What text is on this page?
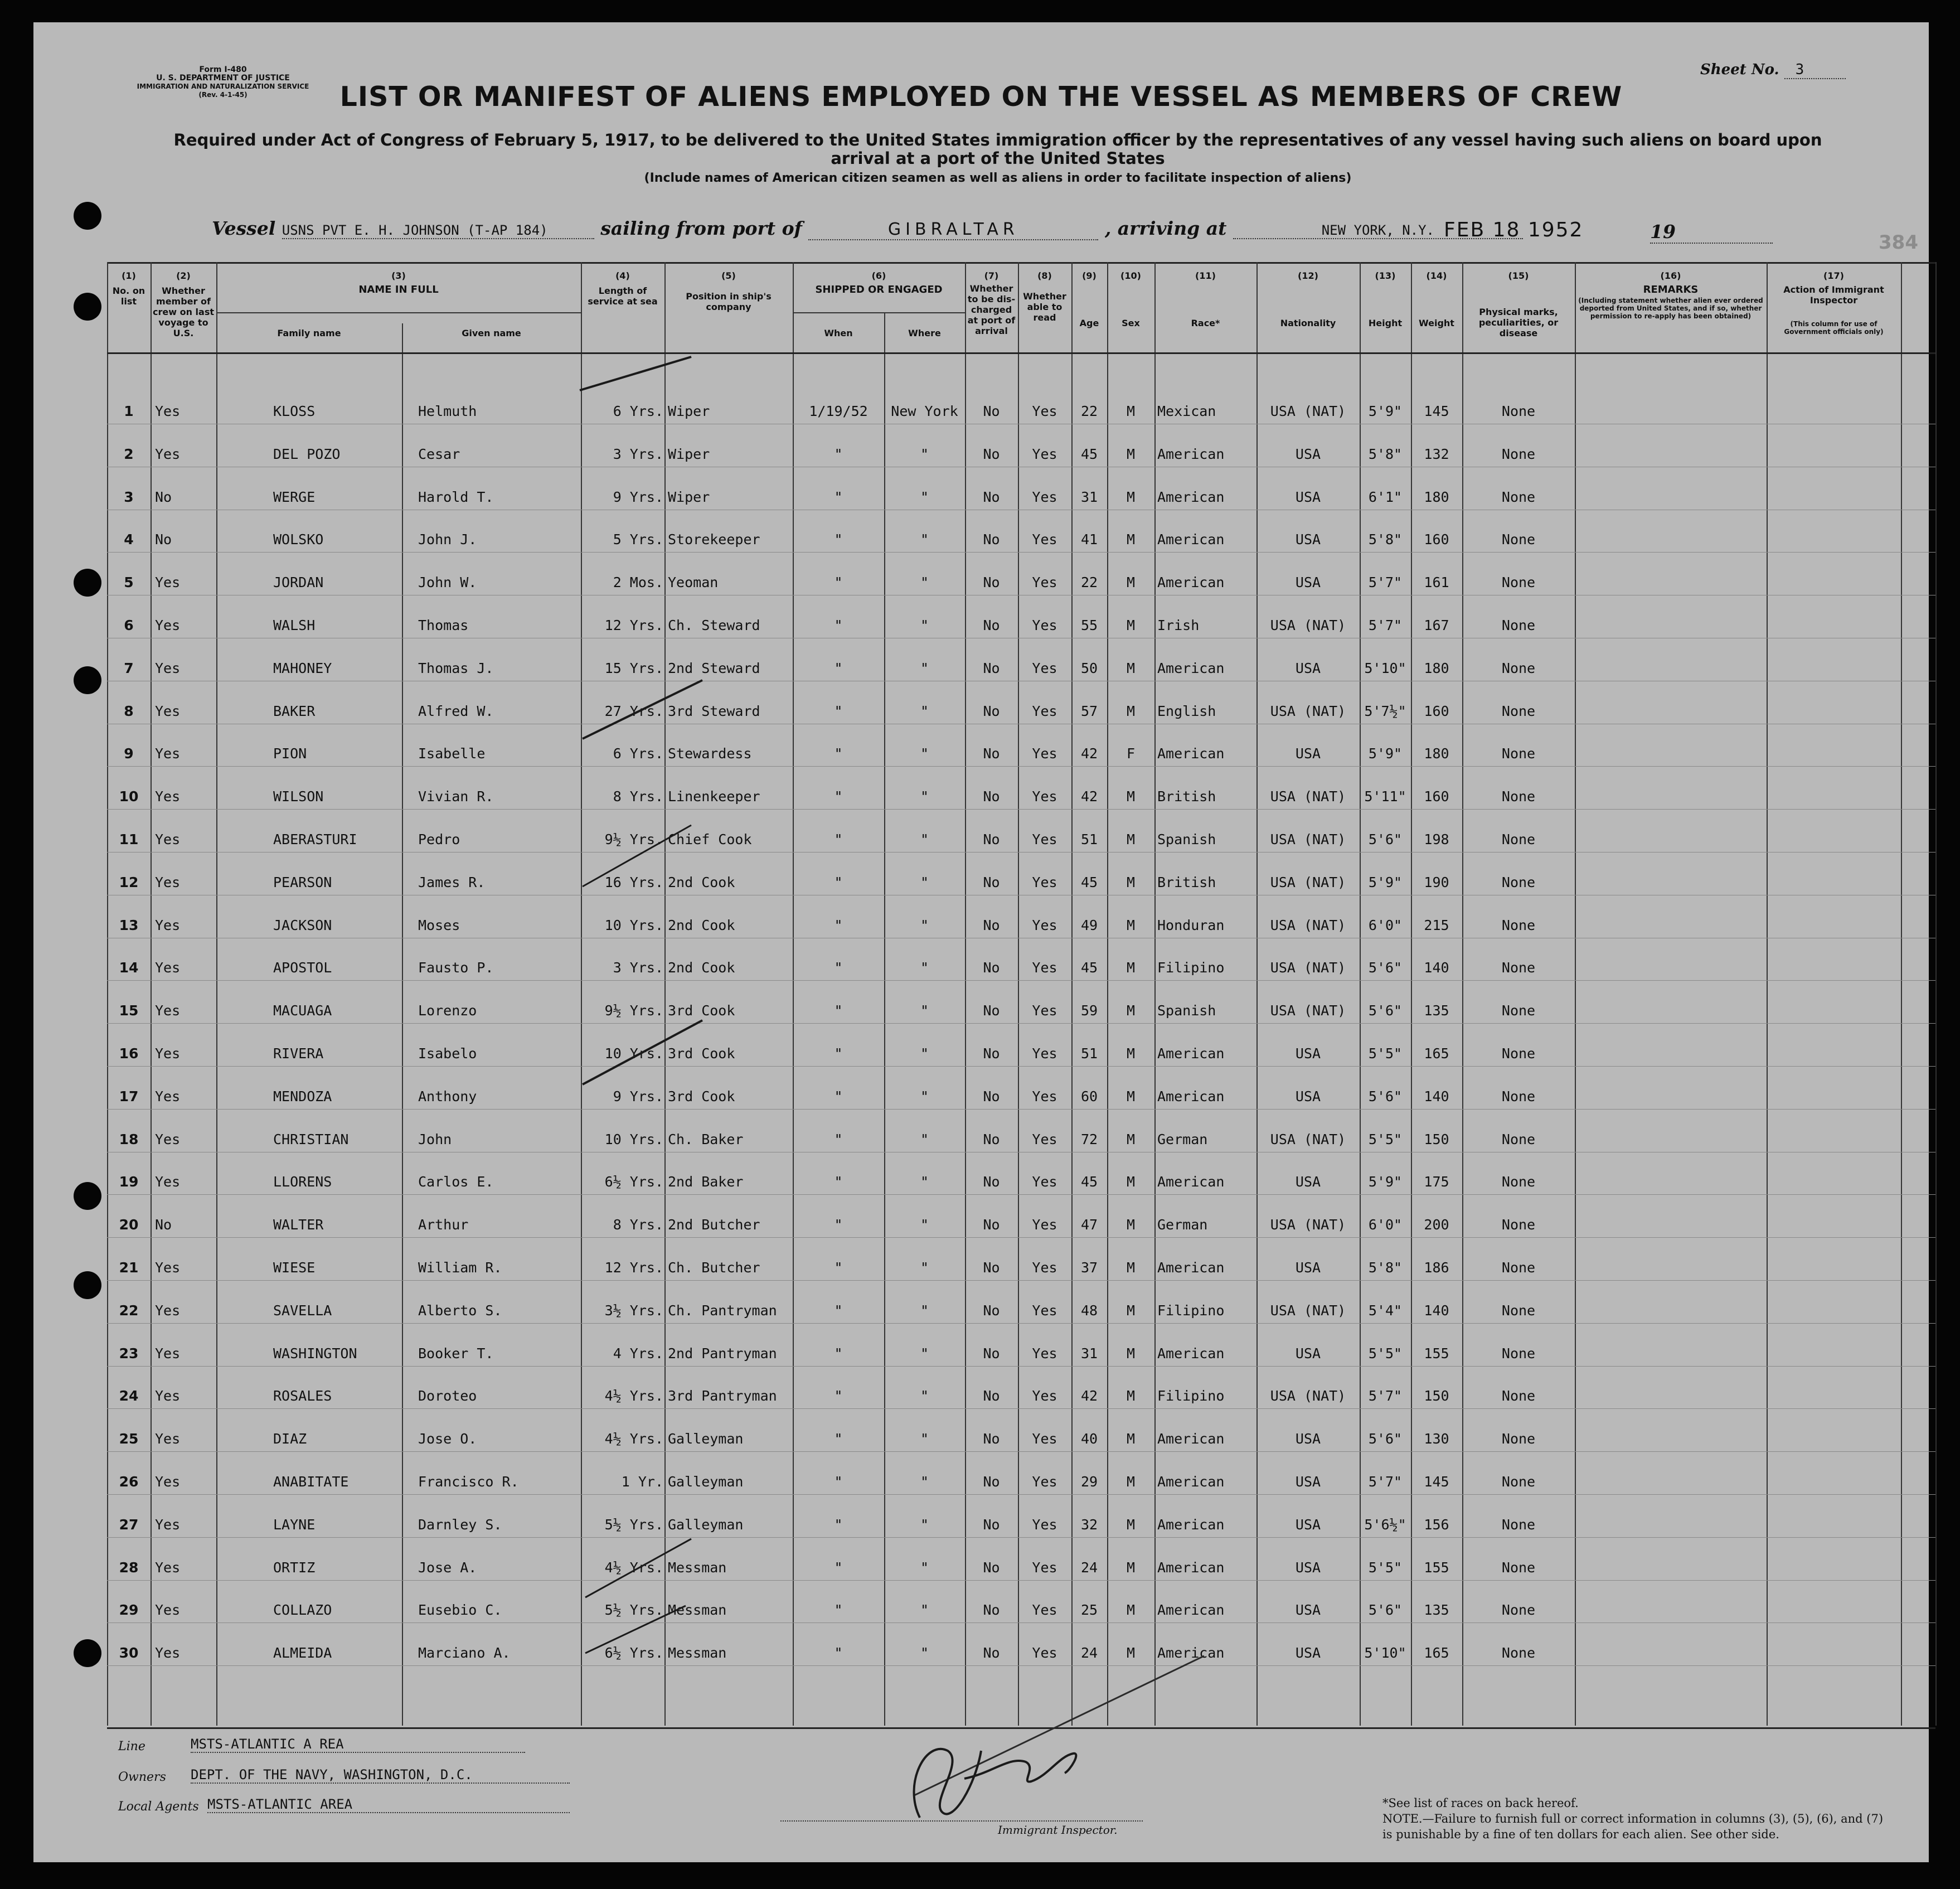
Form I-480
U. S. DEPARTMENT OF JUSTICE
IMMIGRATION AND NATURALIZATION SERVICE
(Rev. 4-1-45)
Sheet No. 3
LIST OR MANIFEST OF ALIENS EMPLOYED ON THE VESSEL AS MEMBERS OF CREW
Required under Act of Congress of February 5, 1917, to be delivered to the United States immigration officer by the representatives of any vessel having such aliens on board upon arrival at a port of the United States
(Include names of American citizen seamen as well as aliens in order to facilitate inspection of aliens)
Vessel USNS PVT E. H. JOHNSON (T-AP 184)	sailing from port of	GIBRALTAR	, arriving at	NEW YORK, N.Y. FEB 18 1952	19	384
(1)	(2)	(3)	(4)	(5)	(6)	(7)	(8)	(9)	(10)	(11)	(12)	(13)	(14)	(15)	(16)	(17)
No. on list
Whether member of crew on last voyage to U.S.
NAME IN FULL
Family name	Given name
Length of service at sea	Position in ship's company
SHIPPED OR ENGAGED
When	Where
Whether to be dis-charged at port of arrival
Whether able to read
Age	Sex	Race*	Nationality	Height	Weight
Physical marks, peculiarities, or disease
REMARKS
(Including statement whether alien ever ordered deported from United States, and if so, whether permission to re-apply has been obtained)
Action of Immigrant Inspector
(This column for use of Government officials only)
1	Yes	KLOSS	Helmuth	6 Yrs. Wiper	1/19/52	New York	No	Yes	22	M	Mexican	USA (NAT)	5'9"	145	None
2	Yes	DEL POZO	Cesar	3 Yrs. Wiper	"	"	No	Yes	45	M	American	USA	5'8"	132	None
3	No	WERGE	Harold T.	9 Yrs. Wiper	"	"	No	Yes	31	M	American	USA	6'1"	180	None
4	No	WOLSKO	John J.	5 Yrs. Storekeeper	"	"	No	Yes	41	M	American	USA	5'8"	160	None
5	Yes	JORDAN	John W.	2 Mos. Yeoman	"	"	No	Yes	22	M	American	USA	5'7"	161	None
6	Yes	WALSH	Thomas	12 Yrs. Ch. Steward	"	"	No	Yes	55	M	Irish	USA (NAT)	5'7"	167	None
7	Yes	MAHONEY	Thomas J.	15 Yrs. 2nd Steward	"	"	No	Yes	50	M	American	USA	5'10"	180	None
8	Yes	BAKER	Alfred W.	27 Yrs. 3rd Steward	"	"	No	Yes	57	M	English	USA (NAT)	5'7½"	160	None
9	Yes	PION	Isabelle	6 Yrs. Stewardess	"	"	No	Yes	42	F	American	USA	5'9"	180	None
10	Yes	WILSON	Vivian R.	8 Yrs. Linenkeeper	"	"	No	Yes	42	M	British	USA (NAT)	5'11"	160	None
11	Yes	ABERASTURI	Pedro	9½ Yrs. Chief Cook	"	"	No	Yes	51	M	Spanish	USA (NAT)	5'6"	198	None
12	Yes	PEARSON	James R.	16 Yrs. 2nd Cook	"	"	No	Yes	45	M	British	USA (NAT)	5'9"	190	None
13	Yes	JACKSON	Moses	10 Yrs. 2nd Cook	"	"	No	Yes	49	M	Honduran	USA (NAT)	6'0"	215	None
14	Yes	APOSTOL	Fausto P.	3 Yrs. 2nd Cook	"	"	No	Yes	45	M	Filipino	USA (NAT)	5'6"	140	None
15	Yes	MACUAGA	Lorenzo	9½ Yrs. 3rd Cook	"	"	No	Yes	59	M	Spanish	USA (NAT)	5'6"	135	None
16	Yes	RIVERA	Isabelo	10 Yrs. 3rd Cook	"	"	No	Yes	51	M	American	USA	5'5"	165	None
17	Yes	MENDOZA	Anthony	9 Yrs. 3rd Cook	"	"	No	Yes	60	M	American	USA	5'6"	140	None
18	Yes	CHRISTIAN	John	10 Yrs. Ch. Baker	"	"	No	Yes	72	M	German	USA (NAT)	5'5"	150	None
19	Yes	LLORENS	Carlos E.	6½ Yrs. 2nd Baker	"	"	No	Yes	45	M	American	USA	5'9"	175	None
20	No	WALTER	Arthur	8 Yrs. 2nd Butcher	"	"	No	Yes	47	M	German	USA (NAT)	6'0"	200	None
21	Yes	WIESE	William R.	12 Yrs. Ch. Butcher	"	"	No	Yes	37	M	American	USA	5'8"	186	None
22	Yes	SAVELLA	Alberto S.	3½ Yrs. Ch. Pantryman	"	"	No	Yes	48	M	Filipino	USA (NAT)	5'4"	140	None
23	Yes	WASHINGTON	Booker T.	4 Yrs. 2nd Pantryman	"	"	No	Yes	31	M	American	USA	5'5"	155	None
24	Yes	ROSALES	Doroteo	4½ Yrs. 3rd Pantryman	"	"	No	Yes	42	M	Filipino	USA (NAT)	5'7"	150	None
25	Yes	DIAZ	Jose O.	4½ Yrs. Galleyman	"	"	No	Yes	40	M	American	USA	5'6"	130	None
26	Yes	ANABITATE	Francisco R.	1 Yr. Galleyman	"	"	No	Yes	29	M	American	USA	5'7"	145	None
27	Yes	LAYNE	Darnley S.	5½ Yrs. Galleyman	"	"	No	Yes	32	M	American	USA	5'6½"	156	None
28	Yes	ORTIZ	Jose A.	4½ Yrs. Messman	"	"	No	Yes	24	M	American	USA	5'5"	155	None
29	Yes	COLLAZO	Eusebio C.	5½ Yrs. Messman	"	"	No	Yes	25	M	American	USA	5'6"	135	None
30	Yes	ALMEIDA	Marciano A.	6½ Yrs. Messman	"	"	No	Yes	24	M	American	USA	5'10"	165	None
Line	MSTS-ATLANTIC A REA
Owners DEPT. OF THE NAVY, WASHINGTON, D.C.
Local Agents MSTS-ATLANTIC AREA
Immigrant Inspector.
*See list of races on back hereof.
NOTE.—Failure to furnish full or correct information in columns (3), (5), (6), and (7) is punishable by a fine of ten dollars for each alien. See other side.
